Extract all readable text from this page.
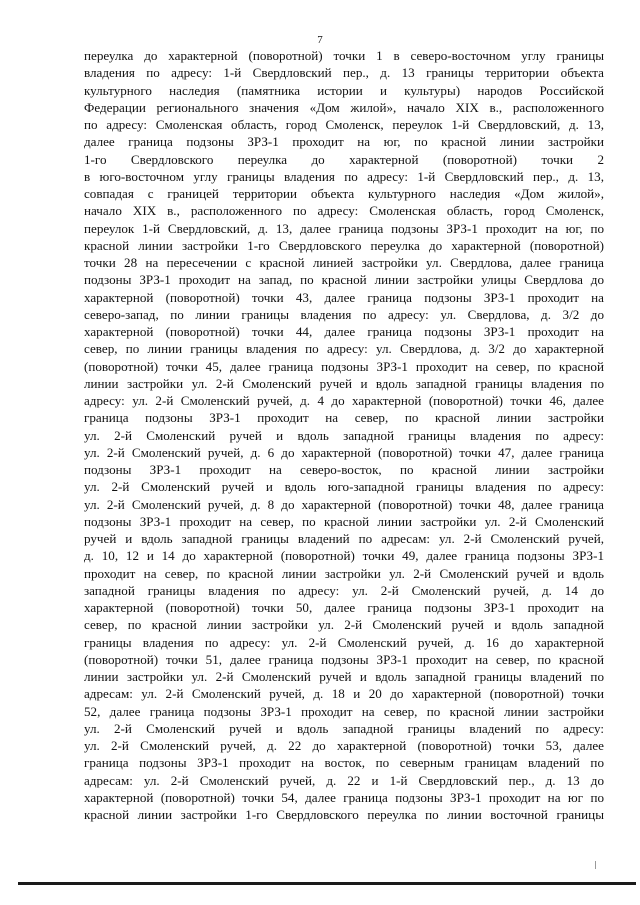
7
переулка до характерной (поворотной) точки 1 в северо-восточном углу границы
владения по адресу: 1-й Свердловский пер., д. 13 границы территории объекта
культурного наследия (памятника истории и культуры) народов Российской
Федерации регионального значения «Дом жилой», начало XIX в., расположенного
по адресу: Смоленская область, город Смоленск, переулок 1-й Свердловский, д. 13,
далее граница подзоны ЗРЗ-1 проходит на юг, по красной линии застройки
1-го Свердловского переулка до характерной (поворотной) точки 2
в юго-восточном углу границы владения по адресу: 1-й Свердловский пер., д. 13,
совпадая с границей территории объекта культурного наследия «Дом жилой»,
начало XIX в., расположенного по адресу: Смоленская область, город Смоленск,
переулок 1-й Свердловский, д. 13, далее граница подзоны ЗРЗ-1 проходит на юг, по
красной линии застройки 1-го Свердловского переулка до характерной (поворотной)
точки 28 на пересечении с красной линией застройки ул. Свердлова, далее граница
подзоны ЗРЗ-1 проходит на запад, по красной линии застройки улицы Свердлова до
характерной (поворотной) точки 43, далее граница подзоны ЗРЗ-1 проходит на
северо-запад, по линии границы владения по адресу: ул. Свердлова, д. 3/2 до
характерной (поворотной) точки 44, далее граница подзоны ЗРЗ-1 проходит на
север, по линии границы владения по адресу: ул. Свердлова, д. 3/2 до характерной
(поворотной) точки 45, далее граница подзоны ЗРЗ-1 проходит на север, по красной
линии застройки ул. 2-й Смоленский ручей и вдоль западной границы владения по
адресу: ул. 2-й Смоленский ручей, д. 4 до характерной (поворотной) точки 46, далее
граница подзоны ЗРЗ-1 проходит на север, по красной линии застройки
ул. 2-й Смоленский ручей и вдоль западной границы владения по адресу:
ул. 2-й Смоленский ручей, д. 6 до характерной (поворотной) точки 47, далее граница
подзоны ЗРЗ-1 проходит на северо-восток, по красной линии застройки
ул. 2-й Смоленский ручей и вдоль юго-западной границы владения по адресу:
ул. 2-й Смоленский ручей, д. 8 до характерной (поворотной) точки 48, далее граница
подзоны ЗРЗ-1 проходит на север, по красной линии застройки ул. 2-й Смоленский
ручей и вдоль западной границы владений по адресам: ул. 2-й Смоленский ручей,
д. 10, 12 и 14 до характерной (поворотной) точки 49, далее граница подзоны ЗРЗ-1
проходит на север, по красной линии застройки ул. 2-й Смоленский ручей и вдоль
западной границы владения по адресу: ул. 2-й Смоленский ручей, д. 14 до
характерной (поворотной) точки 50, далее граница подзоны ЗРЗ-1 проходит на
север, по красной линии застройки ул. 2-й Смоленский ручей и вдоль западной
границы владения по адресу: ул. 2-й Смоленский ручей, д. 16 до характерной
(поворотной) точки 51, далее граница подзоны ЗРЗ-1 проходит на север, по красной
линии застройки ул. 2-й Смоленский ручей и вдоль западной границы владений по
адресам: ул. 2-й Смоленский ручей, д. 18 и 20 до характерной (поворотной) точки
52, далее граница подзоны ЗРЗ-1 проходит на север, по красной линии застройки
ул. 2-й Смоленский ручей и вдоль западной границы владений по адресу:
ул. 2-й Смоленский ручей, д. 22 до характерной (поворотной) точки 53, далее
граница подзоны ЗРЗ-1 проходит на восток, по северным границам владений по
адресам: ул. 2-й Смоленский ручей, д. 22 и 1-й Свердловский пер., д. 13 до
характерной (поворотной) точки 54, далее граница подзоны ЗРЗ-1 проходит на юг по
красной линии застройки 1-го Свердловского переулка по линии восточной границы
